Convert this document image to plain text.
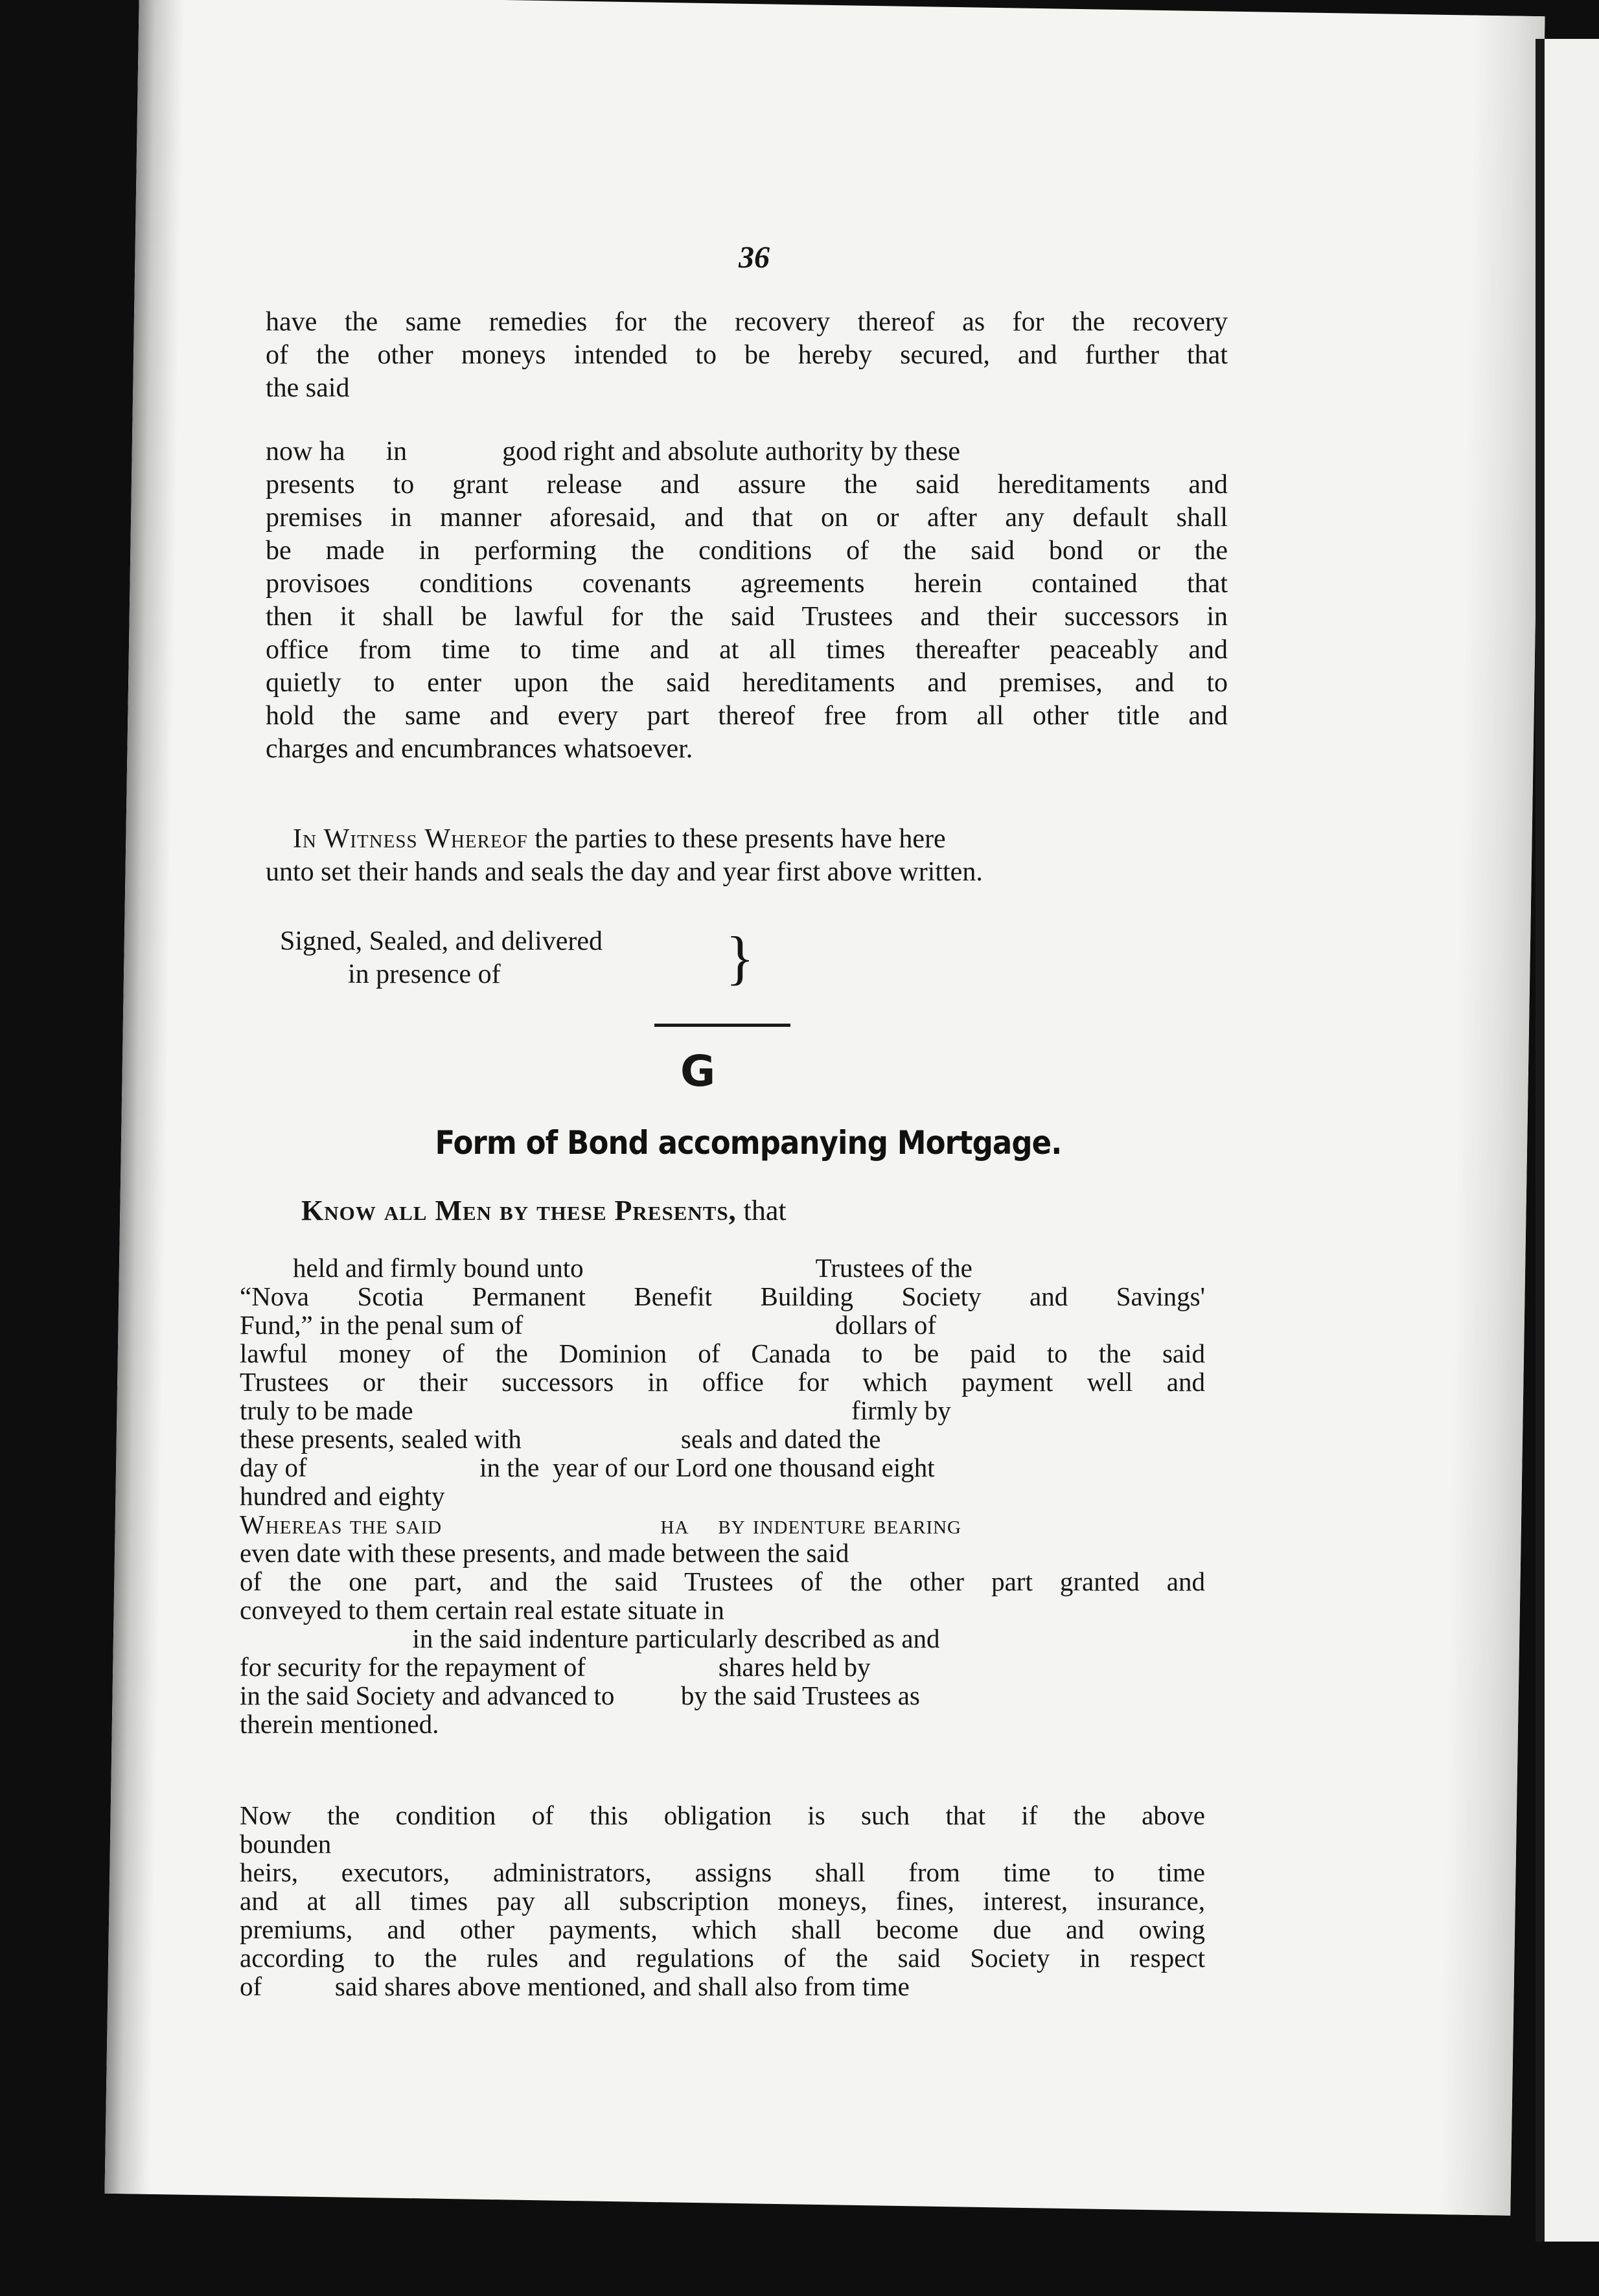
36
have the same remedies for the recovery thereof as for the recovery
of the other moneys intended to be hereby secured, and further that
the said
now ha      in              good right and absolute authority by these
presents to grant release and assure the said hereditaments and
premises in manner aforesaid, and that on or after any default shall
be made in performing the conditions of the said bond or the
provisoes conditions covenants agreements herein contained that
then it shall be lawful for the said Trustees and their successors in
office from time to time and at all times thereafter peaceably and
quietly to enter upon the said hereditaments and premises, and to
hold the same and every part thereof free from all other title and
charges and encumbrances whatsoever.
In Witness Whereof the parties to these presents have here
unto set their hands and seals the day and year first above written.
Signed, Sealed, and delivered
in presence of	}
G
Form of Bond accompanying Mortgage.
Know all Men by these Presents, that
held and firmly bound unto                                   Trustees of the
“Nova Scotia Permanent Benefit Building Society and Savings'
Fund,” in the penal sum of                                               dollars of
lawful money of the Dominion of Canada to be paid to the said
Trustees or their successors in office for which payment well and
truly to be made                                                                  firmly by
these presents, sealed with                        seals and dated the
day of                          in the  year of our Lord one thousand eight
hundred and eighty
Whereas the said                              ha    by indenture bearing
even date with these presents, and made between the said
of the one part, and the said Trustees of the other part granted and
conveyed to them certain real estate situate in
in the said indenture particularly described as and
for security for the repayment of                    shares held by
in the said Society and advanced to          by the said Trustees as
therein mentioned.
Now the condition of this obligation is such that if the above
bounden
heirs, executors, administrators, assigns shall from time to time
and at all times pay all subscription moneys, fines, interest, insurance,
premiums, and other payments, which shall become due and owing
according to the rules and regulations of the said Society in respect
of           said shares above mentioned, and shall also from time
